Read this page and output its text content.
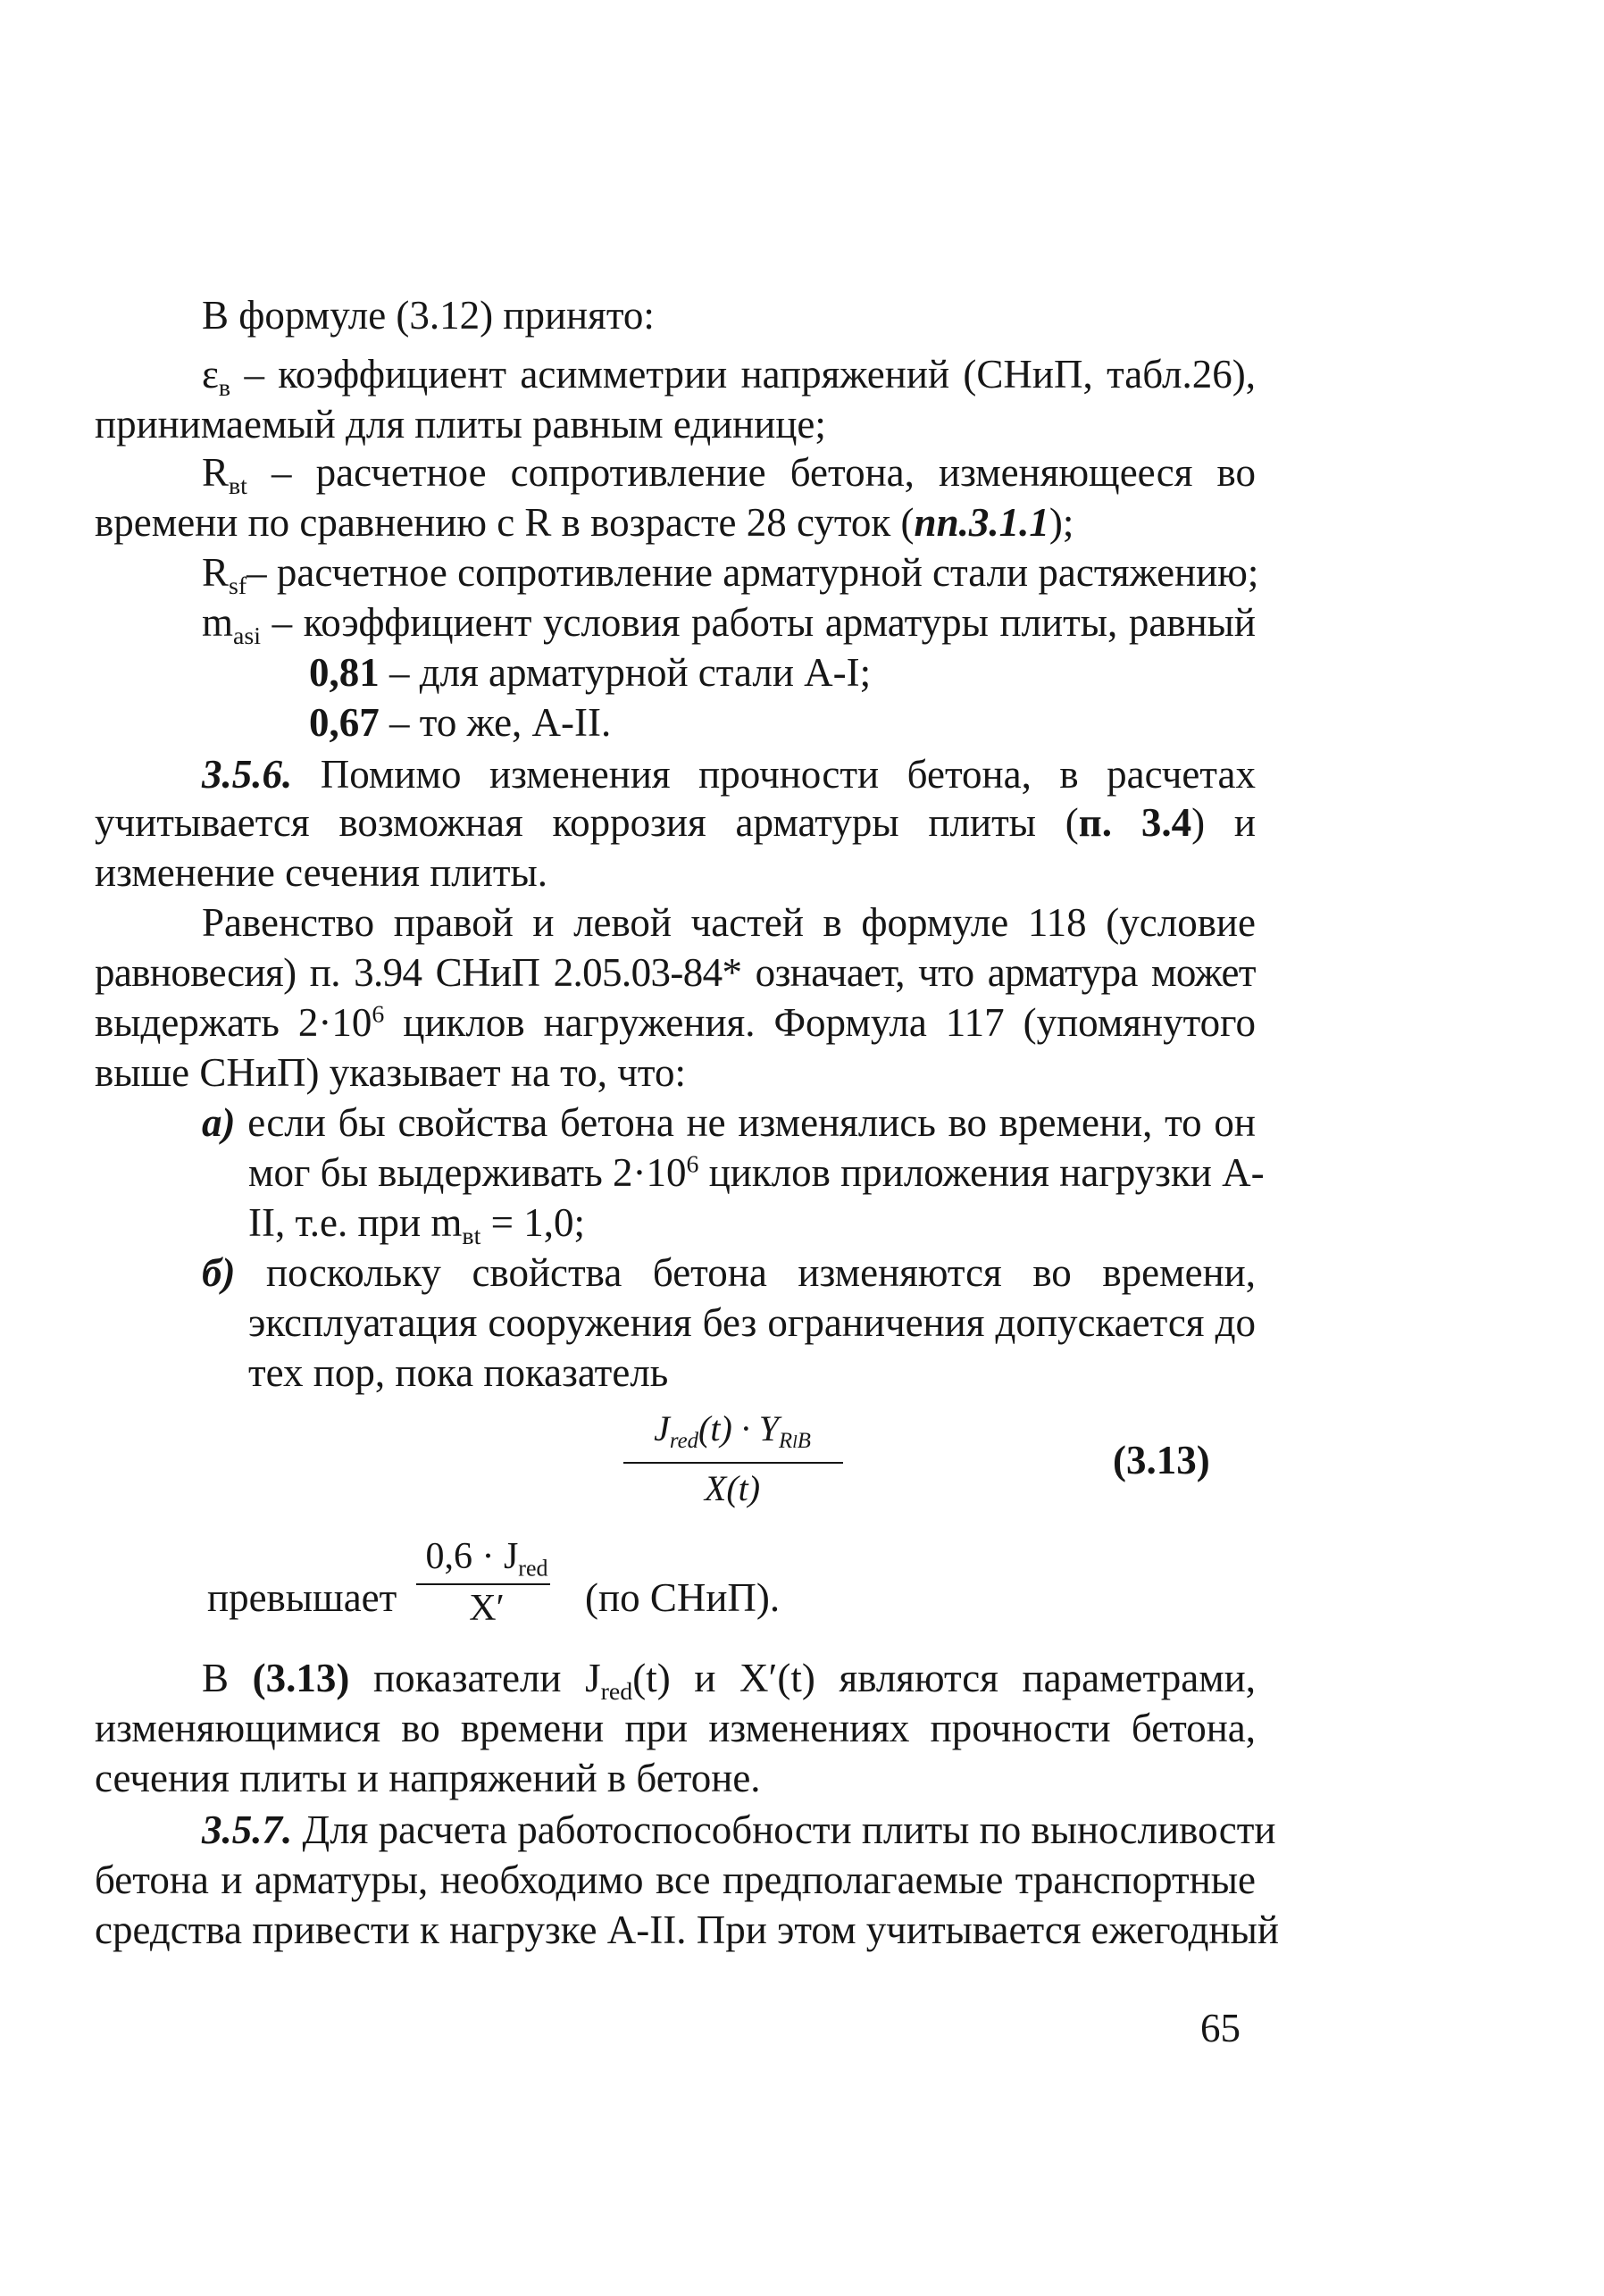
В формуле (3.12) принято:
$\varepsilon_в$ – коэффициент асимметрии напряжений (СНиП, табл.26),
принимаемый для плиты равным единице;
$R_{вt}$ – расчетное сопротивление бетона, изменяющееся во
времени по сравнению с R в возрасте 28 суток (пп.3.1.1);
$R_{sf}-$ расчетное сопротивление арматурной стали растяжению;
$m_{asi}$ – коэффициент условия работы арматуры плиты, равный
0,81 – для арматурной стали А-I;
0,67 – то же, А-II.
3.5.6. Помимо изменения прочности бетона, в расчетах
учитывается возможная коррозия арматуры плиты (п. 3.4) и
изменение сечения плиты.
Равенство правой и левой частей в формуле 118 (условие
равновесия) п. 3.94 СНиП 2.05.03-84* означает, что арматура может
выдержать $2\cdot 10^6$ циклов нагружения. Формула 117 (упомянутого
выше СНиП) указывает на то, что:
а) если бы свойства бетона не изменялись во времени, то он
мог бы выдерживать $2\cdot 10^6$ циклов приложения нагрузки А-
II, т.е. при $m_{вt} = 1,0$;
б) поскольку свойства бетона изменяются во времени,
эксплуатация сооружения без ограничения допускается до
тех пор, пока показатель
$J_{red}(t) \cdot Y_{RlB}$
X(t)
(3.13)
превышает
$0,6 \cdot J_{red}$
X′	(по СНиП).
В (3.13) показатели $J_{red}(t)$ и X′(t) являются параметрами,
изменяющимися во времени при изменениях прочности бетона,
сечения плиты и напряжений в бетоне.
3.5.7. Для расчета работоспособности плиты по выносливости
бетона и арматуры, необходимо все предполагаемые транспортные
средства привести к нагрузке А-II. При этом учитывается ежегодный
65
